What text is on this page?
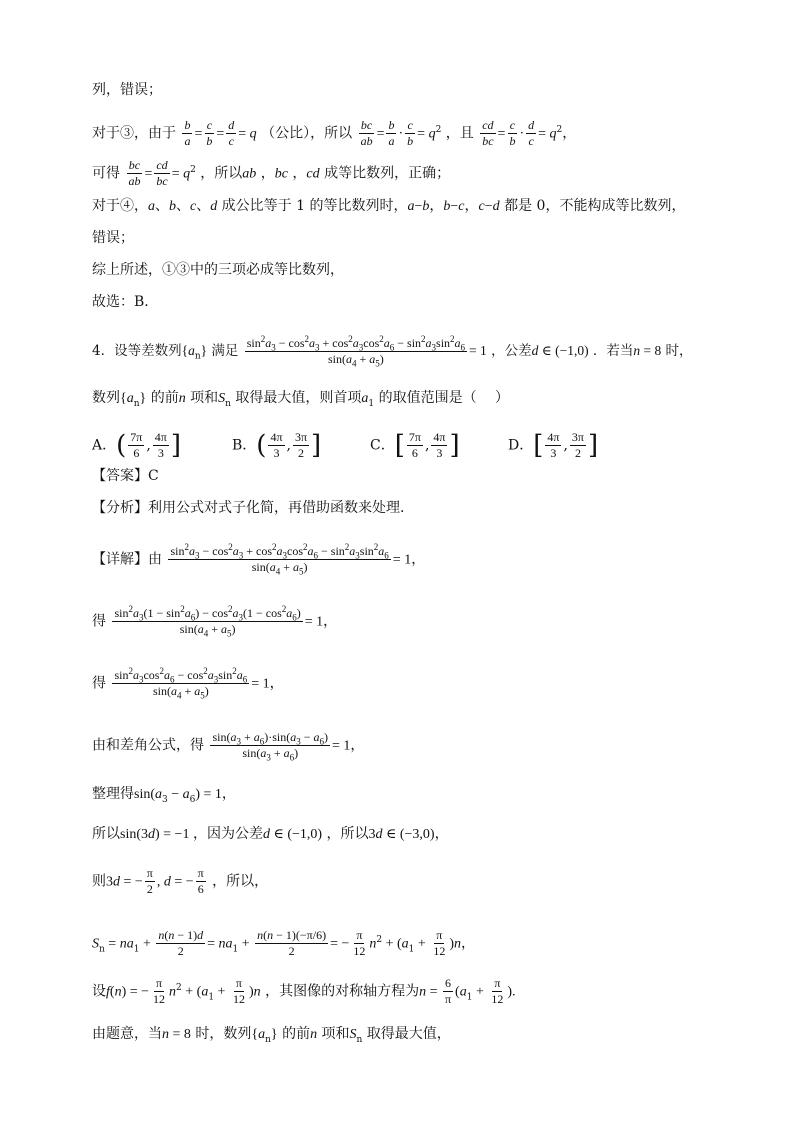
列，错误；
对于③，由于 $\frac{b}{a} = \frac{c}{b} = \frac{d}{c} = q$ （公比），所以 $\frac{bc}{ab} = \frac{b}{a} \cdot \frac{c}{b} = q^2$ ，且 $\frac{cd}{bc} = \frac{c}{b} \cdot \frac{d}{c} = q^2$，
可得 $\frac{bc}{ab} = \frac{cd}{bc} = q^2$ ，所以ab ，bc ，cd 成等比数列，正确；
对于④，a、b、c、d 成公比等于 1 的等比数列时，a−b，b−c，c−d 都是 0，不能构成等比数列，
错误；
综上所述，①③中的三项必成等比数列，
故选：B.
4．设等差数列$\{a_n\}$ 满足 $\frac{\sin^2a_3 - \cos^2a_3 + \cos^2a_3\cos^2a_6 - \sin^2a_3\sin^2a_6}{\sin(a_4 + a_5)} = 1$ ，公差d ∈ (−1,0) ．若当n = 8 时，
数列$\{a_n\}$ 的前n 项和$S_n$ 取得最大值，则首项$a_1$ 的取值范围是（　 ）
A．( $\frac{7\pi}{6}$ , $\frac{4\pi}{3}$ ]	B．( $\frac{4\pi}{3}$ , $\frac{3\pi}{2}$ ]	C．[ $\frac{7\pi}{6}$ , $\frac{4\pi}{3}$ ]	D．[ $\frac{4\pi}{3}$ , $\frac{3\pi}{2}$ ]
【答案】C
【分析】利用公式对式子化简，再借助函数来处理.
【详解】由 $\frac{\sin^2a_3 - \cos^2a_3 + \cos^2a_3\cos^2a_6 - \sin^2a_3\sin^2a_6}{\sin(a_4 + a_5)} = 1$，
得 $\frac{\sin^2a_3(1 - \sin^2a_6) - \cos^2a_3(1 - \cos^2a_6)}{\sin(a_4 + a_5)} = 1$，
得 $\frac{\sin^2a_3\cos^2a_6 - \cos^2a_3\sin^2a_6}{\sin(a_4 + a_5)} = 1$，
由和差角公式，得 $\frac{\sin(a_3 + a_6)\cdot\sin(a_3 - a_6)}{\sin(a_3 + a_6)} = 1$，
整理得$\sin(a_3 - a_6) = 1$，
所以sin(3d) = −1 ，因为公差d ∈ (−1,0) ，所以3d ∈ (−3,0)，
则3d = − $\frac{\pi}{2}$ , d = − $\frac{\pi}{6}$ ，所以，
$S_n = na_1 + \frac{n(n - 1)d}{2} = na_1 + \frac{n(n - 1)(-\pi/6)}{2}$ = − $\frac{\pi}{12} n^2 + (a_1 + \frac{\pi}{12} )n$，
设f(n) = − $\frac{\pi}{12} n^2 + (a_1 + \frac{\pi}{12} )n$ ，其图像的对称轴方程为$n = \frac{6}{\pi} (a_1 + \frac{\pi}{12}$ ).
由题意，当n = 8 时，数列$\{a_n\}$ 的前n 项和$S_n$ 取得最大值，
